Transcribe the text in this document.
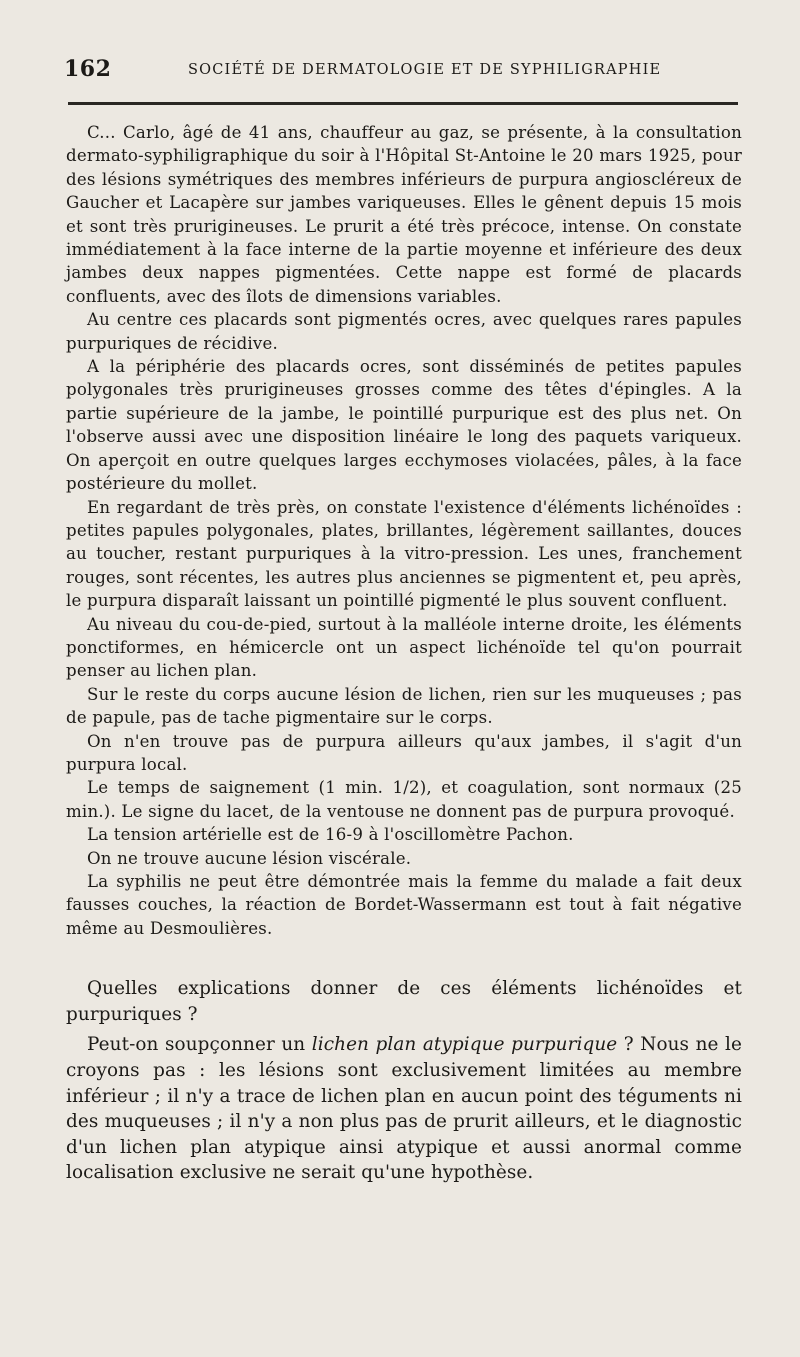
162	SOCIÉTÉ DE DERMATOLOGIE ET DE SYPHILIGRAPHIE

C... Carlo, âgé de 41 ans, chauffeur au gaz, se présente, à la consultation dermato-syphiligraphique du soir à l'Hôpital St-Antoine le 20 mars 1925, pour des lésions symétriques des membres inférieurs de purpura angioscléreux de Gaucher et Lacapère sur jambes variqueuses. Elles le gênent depuis 15 mois et sont très prurigineuses. Le prurit a été très précoce, intense. On constate immédiatement à la face interne de la partie moyenne et inférieure des deux jambes deux nappes pigmentées. Cette nappe est formé de placards confluents, avec des îlots de dimensions variables.

Au centre ces placards sont pigmentés ocres, avec quelques rares papules purpuriques de récidive.

A la périphérie des placards ocres, sont disséminés de petites papules polygonales très prurigineuses grosses comme des têtes d'épingles. A la partie supérieure de la jambe, le pointillé purpurique est des plus net. On l'observe aussi avec une disposition linéaire le long des paquets variqueux. On aperçoit en outre quelques larges ecchymoses violacées, pâles, à la face postérieure du mollet.

En regardant de très près, on constate l'existence d'éléments lichénoïdes : petites papules polygonales, plates, brillantes, légèrement saillantes, douces au toucher, restant purpuriques à la vitro-pression. Les unes, franchement rouges, sont récentes, les autres plus anciennes se pigmentent et, peu après, le purpura disparaît laissant un pointillé pigmenté le plus souvent confluent.

Au niveau du cou-de-pied, surtout à la malléole interne droite, les éléments ponctiformes, en hémicercle ont un aspect lichénoïde tel qu'on pourrait penser au lichen plan.

Sur le reste du corps aucune lésion de lichen, rien sur les muqueuses ; pas de papule, pas de tache pigmentaire sur le corps.

On n'en trouve pas de purpura ailleurs qu'aux jambes, il s'agit d'un purpura local.

Le temps de saignement (1 min. 1/2), et coagulation, sont normaux (25 min.). Le signe du lacet, de la ventouse ne donnent pas de purpura provoqué.

La tension artérielle est de 16-9 à l'oscillomètre Pachon.

On ne trouve aucune lésion viscérale.

La syphilis ne peut être démontrée mais la femme du malade a fait deux fausses couches, la réaction de Bordet-Wassermann est tout à fait négative même au Desmoulières.

Quelles explications donner de ces éléments lichénoïdes et purpuriques ?

Peut-on soupçonner un lichen plan atypique purpurique ? Nous ne le croyons pas : les lésions sont exclusivement limitées au membre inférieur ; il n'y a trace de lichen plan en aucun point des téguments ni des muqueuses ; il n'y a non plus pas de prurit ailleurs, et le diagnostic d'un lichen plan atypique ainsi atypique et aussi anormal comme localisation exclusive ne serait qu'une hypothèse.
